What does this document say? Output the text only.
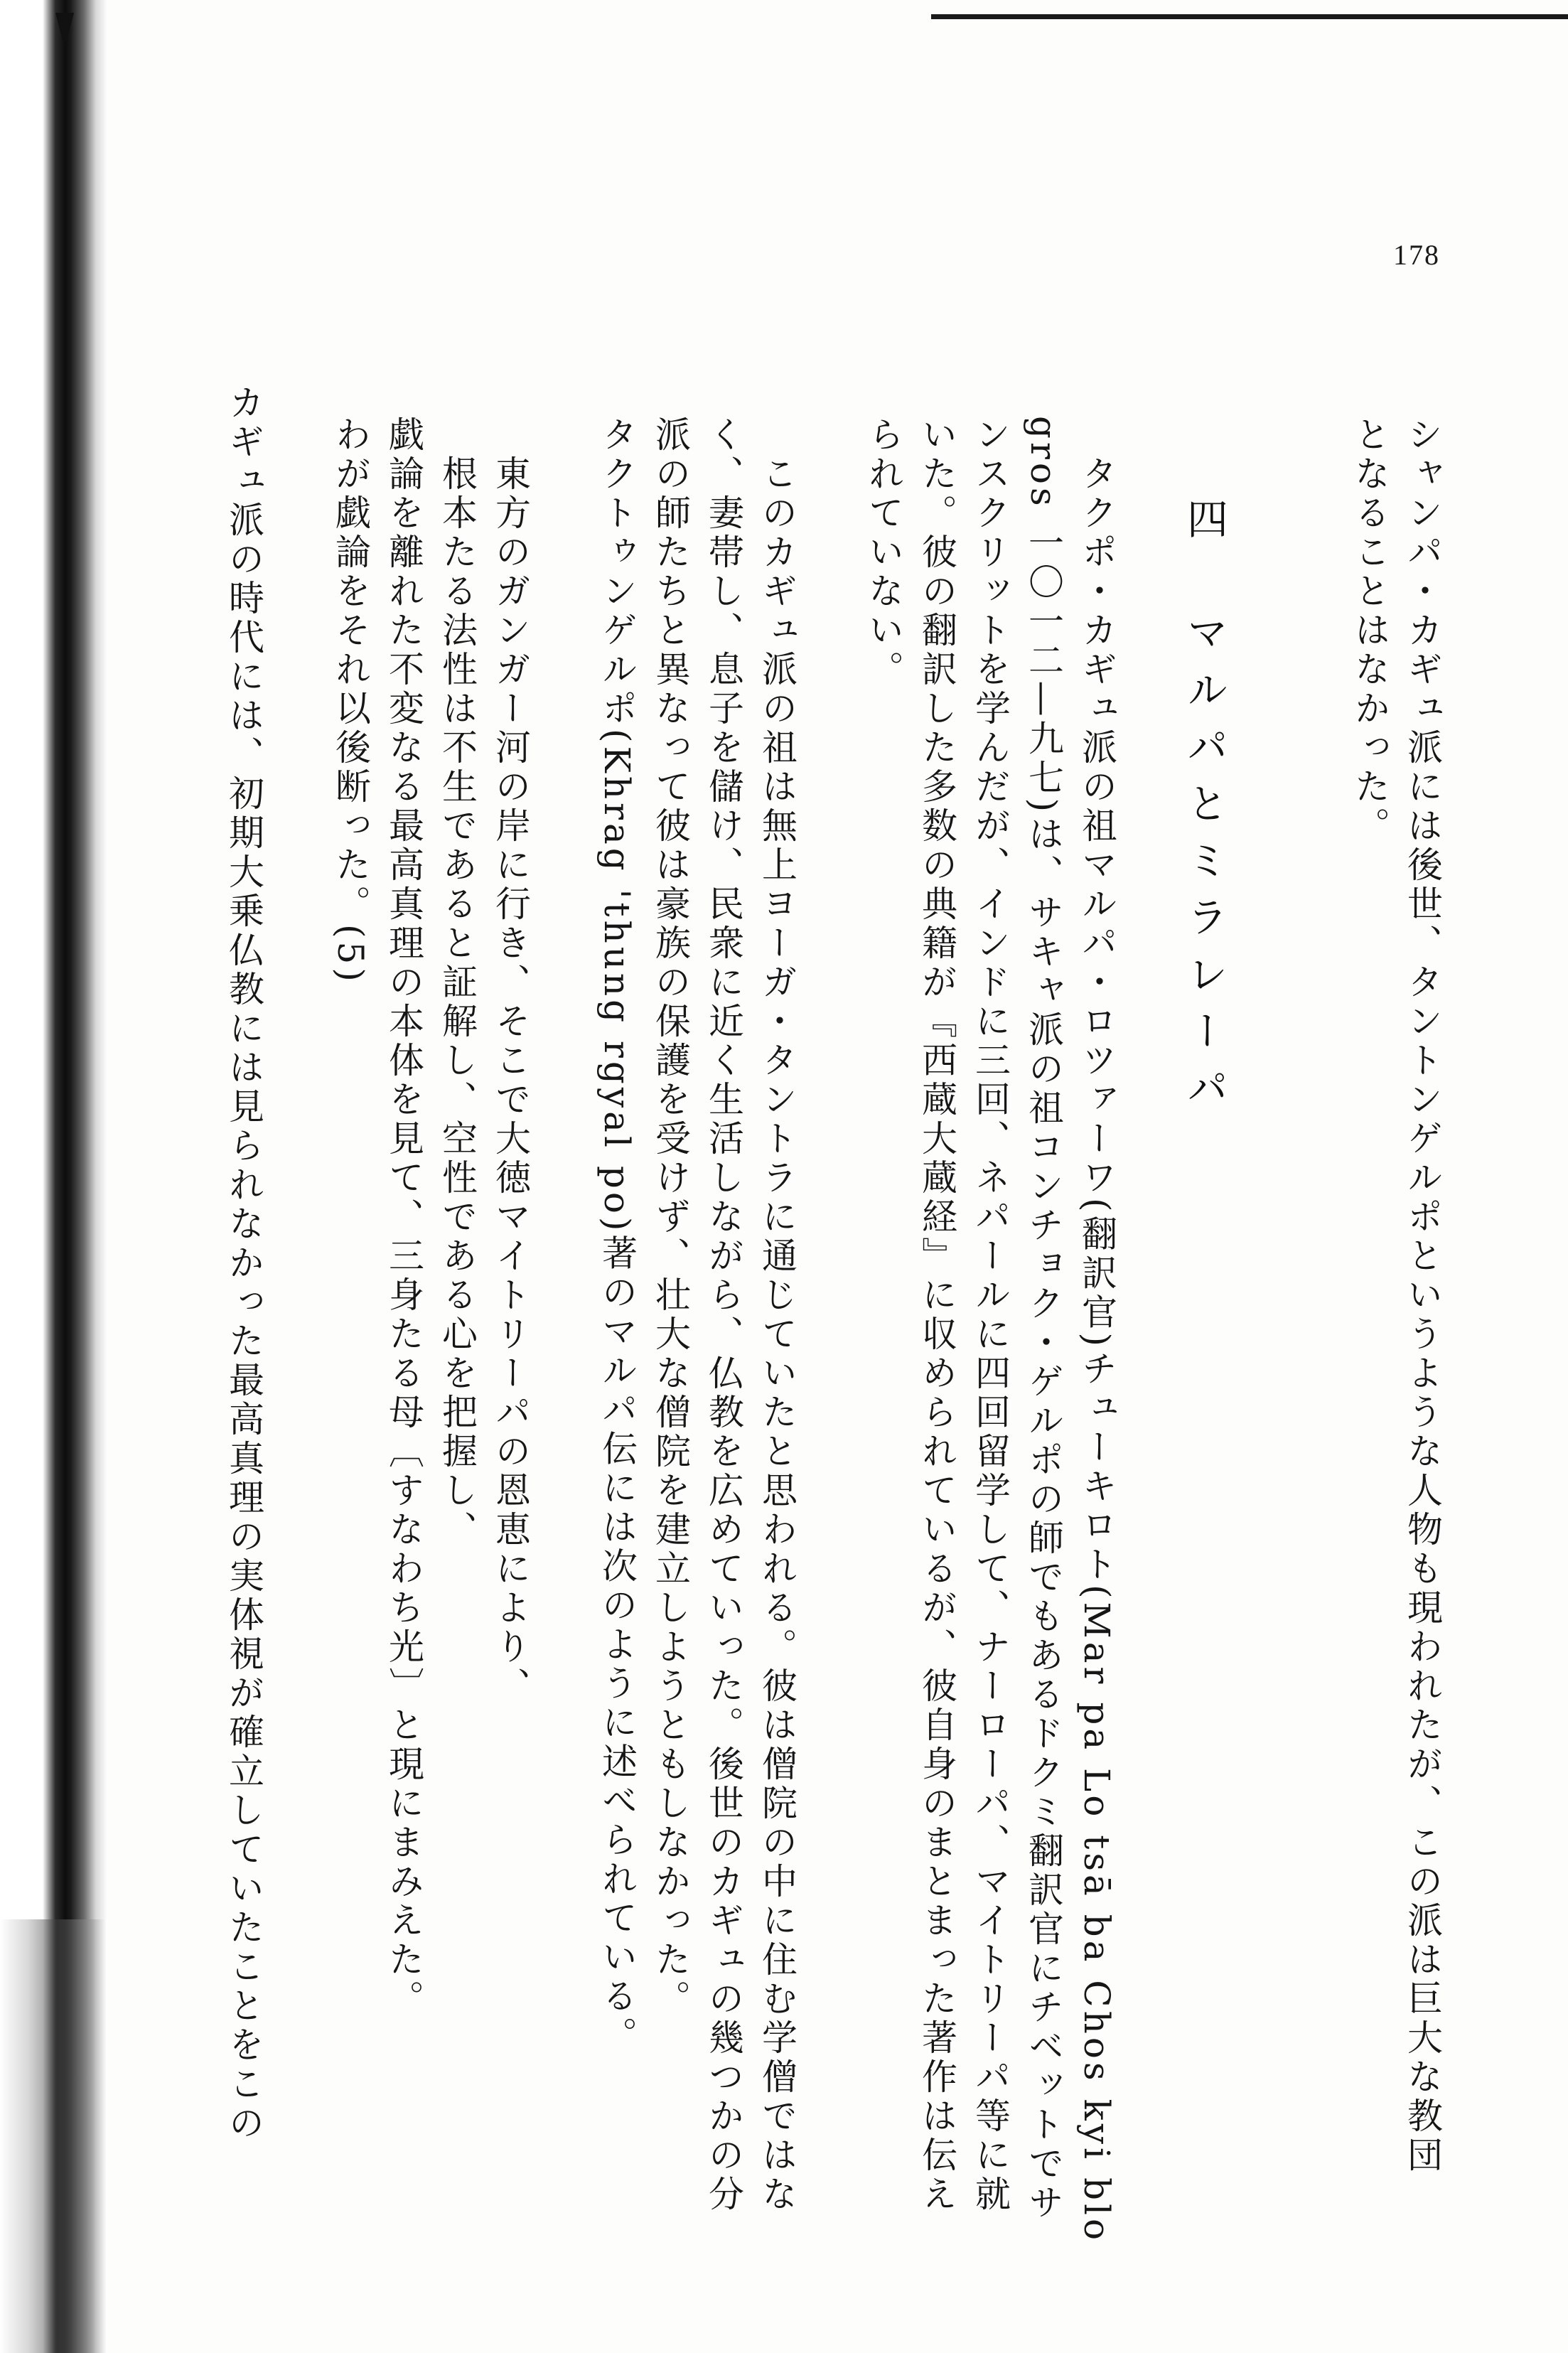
178
シャンパ・カギュ派には後世、タントンゲルポというような人物も現われたが、この派は巨大な教団
となることはなかった。
四　マルパとミラレーパ
タクポ・カギュ派の祖マルパ・ロツァーワ(翻訳官)チューキロト(Mar pa Lo tsā ba Chos kyi blo
gros 一〇一二—九七)は、サキャ派の祖コンチョク・ゲルポの師でもあるドクミ翻訳官にチベットでサ
ンスクリットを学んだが、インドに三回、ネパールに四回留学して、ナーローパ、マイトリーパ等に就
いた。彼の翻訳した多数の典籍が『西蔵大蔵経』に収められているが、彼自身のまとまった著作は伝え
られていない。
このカギュ派の祖は無上ヨーガ・タントラに通じていたと思われる。彼は僧院の中に住む学僧ではな
く、妻帯し、息子を儲け、民衆に近く生活しながら、仏教を広めていった。後世のカギュの幾つかの分
派の師たちと異なって彼は豪族の保護を受けず、壮大な僧院を建立しようともしなかった。
タクトゥンゲルポ(Khrag 'thung rgyal po)著のマルパ伝には次のように述べられている。
東方のガンガー河の岸に行き、そこで大徳マイトリーパの恩恵により、
根本たる法性は不生であると証解し、空性である心を把握し、
戯論を離れた不変なる最高真理の本体を見て、三身たる母〔すなわち光〕と現にまみえた。
わが戯論をそれ以後断った。(5)
カギュ派の時代には、初期大乗仏教には見られなかった最高真理の実体視が確立していたことをこの
